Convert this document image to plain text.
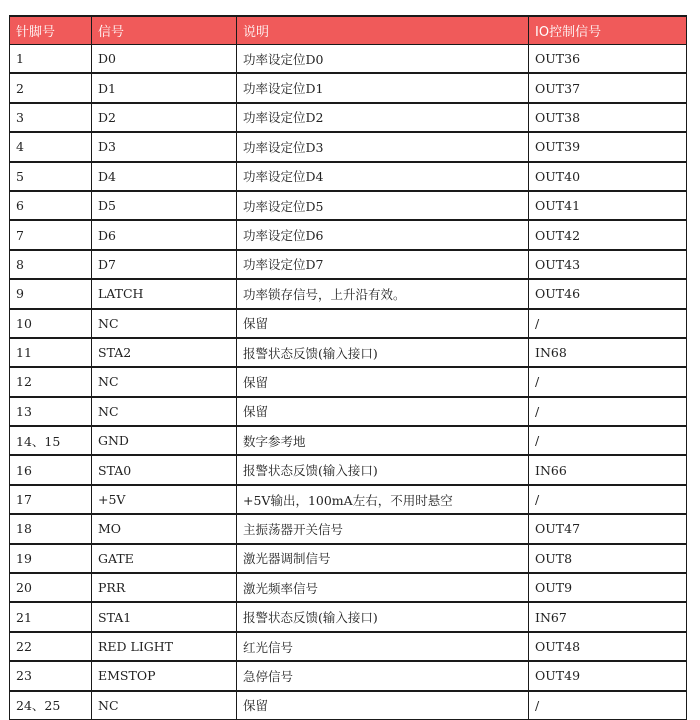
针脚号	信号	说明	IO控制信号
1	D0	功率设定位D0	OUT36
2	D1	功率设定位D1	OUT37
3	D2	功率设定位D2	OUT38
4	D3	功率设定位D3	OUT39
5	D4	功率设定位D4	OUT40
6	D5	功率设定位D5	OUT41
7	D6	功率设定位D6	OUT42
8	D7	功率设定位D7	OUT43
9	LATCH	功率锁存信号，上升沿有效。	OUT46
10	NC	保留	/
11	STA2	报警状态反馈(输入接口)	IN68
12	NC	保留	/
13	NC	保留	/
14、15	GND	数字参考地	/
16	STA0	报警状态反馈(输入接口)	IN66
17	+5V	+5V输出，100mA左右，不用时悬空	/
18	MO	主振荡器开关信号	OUT47
19	GATE	激光器调制信号	OUT8
20	PRR	激光频率信号	OUT9
21	STA1	报警状态反馈(输入接口)	IN67
22	RED LIGHT	红光信号	OUT48
23	EMSTOP	急停信号	OUT49
24、25	NC	保留	/
